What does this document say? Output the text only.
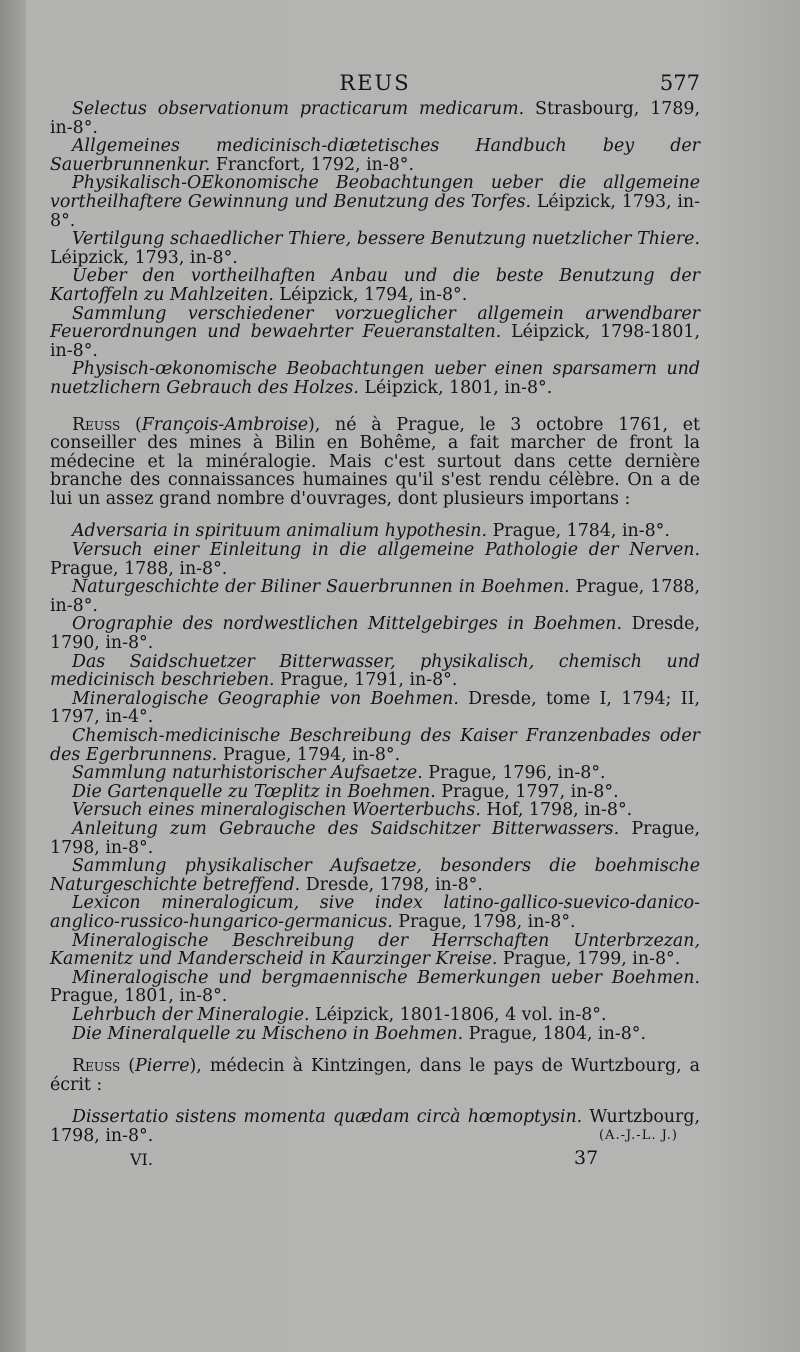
REUS	577

Selectus observationum practicarum medicarum. Strasbourg, 1789, in-8°.

Allgemeines medicinisch-diætetisches Handbuch bey der Sauerbrunnenkur. Francfort, 1792, in-8°.

Physikalisch-OEkonomische Beobachtungen ueber die allgemeine vortheilhaftere Gewinnung und Benutzung des Torfes. Léipzick, 1793, in-8°.

Vertilgung schaedlicher Thiere, bessere Benutzung nuetzlicher Thiere. Léipzick, 1793, in-8°.

Ueber den vortheilhaften Anbau und die beste Benutzung der Kartoffeln zu Mahlzeiten. Léipzick, 1794, in-8°.

Sammlung verschiedener vorzueglicher allgemein arwendbarer Feuerordnungen und bewaehrter Feueranstalten. Léipzick, 1798-1801, in-8°.

Physisch-œkonomische Beobachtungen ueber einen sparsamern und nuetzlichern Gebrauch des Holzes. Léipzick, 1801, in-8°.

Reuss (François-Ambroise), né à Prague, le 3 octobre 1761, et conseiller des mines à Bilin en Bohême, a fait marcher de front la médecine et la minéralogie. Mais c'est surtout dans cette dernière branche des connaissances humaines qu'il s'est rendu célèbre. On a de lui un assez grand nombre d'ouvrages, dont plusieurs importans :

Adversaria in spirituum animalium hypothesin. Prague, 1784, in-8°.

Versuch einer Einleitung in die allgemeine Pathologie der Nerven. Prague, 1788, in-8°.

Naturgeschichte der Biliner Sauerbrunnen in Boehmen. Prague, 1788, in-8°.

Orographie des nordwestlichen Mittelgebirges in Boehmen. Dresde, 1790, in-8°.

Das Saidschuetzer Bitterwasser, physikalisch, chemisch und medicinisch beschrieben. Prague, 1791, in-8°.

Mineralogische Geographie von Boehmen. Dresde, tome I, 1794; II, 1797, in-4°.

Chemisch-medicinische Beschreibung des Kaiser Franzenbades oder des Egerbrunnens. Prague, 1794, in-8°.

Sammlung naturhistorischer Aufsaetze. Prague, 1796, in-8°.

Die Gartenquelle zu Tœplitz in Boehmen. Prague, 1797, in-8°.

Versuch eines mineralogischen Woerterbuchs. Hof, 1798, in-8°.

Anleitung zum Gebrauche des Saidschitzer Bitterwassers. Prague, 1798, in-8°.

Sammlung physikalischer Aufsaetze, besonders die boehmische Naturgeschichte betreffend. Dresde, 1798, in-8°.

Lexicon mineralogicum, sive index latino-gallico-suevico-danico-anglico-russico-hungarico-germanicus. Prague, 1798, in-8°.

Mineralogische Beschreibung der Herrschaften Unterbrzezan, Kamenitz und Manderscheid in Kaurzinger Kreise. Prague, 1799, in-8°.

Mineralogische und bergmaennische Bemerkungen ueber Boehmen. Prague, 1801, in-8°.

Lehrbuch der Mineralogie. Léipzick, 1801-1806, 4 vol. in-8°.

Die Mineralquelle zu Mischeno in Boehmen. Prague, 1804, in-8°.

Reuss (Pierre), médecin à Kintzingen, dans le pays de Wurtzbourg, a écrit :

Dissertatio sistens momenta quædam circà hœmoptysin. Wurtzbourg, 1798, in-8°.	(A.-J.-L. J.)

VI.	37
